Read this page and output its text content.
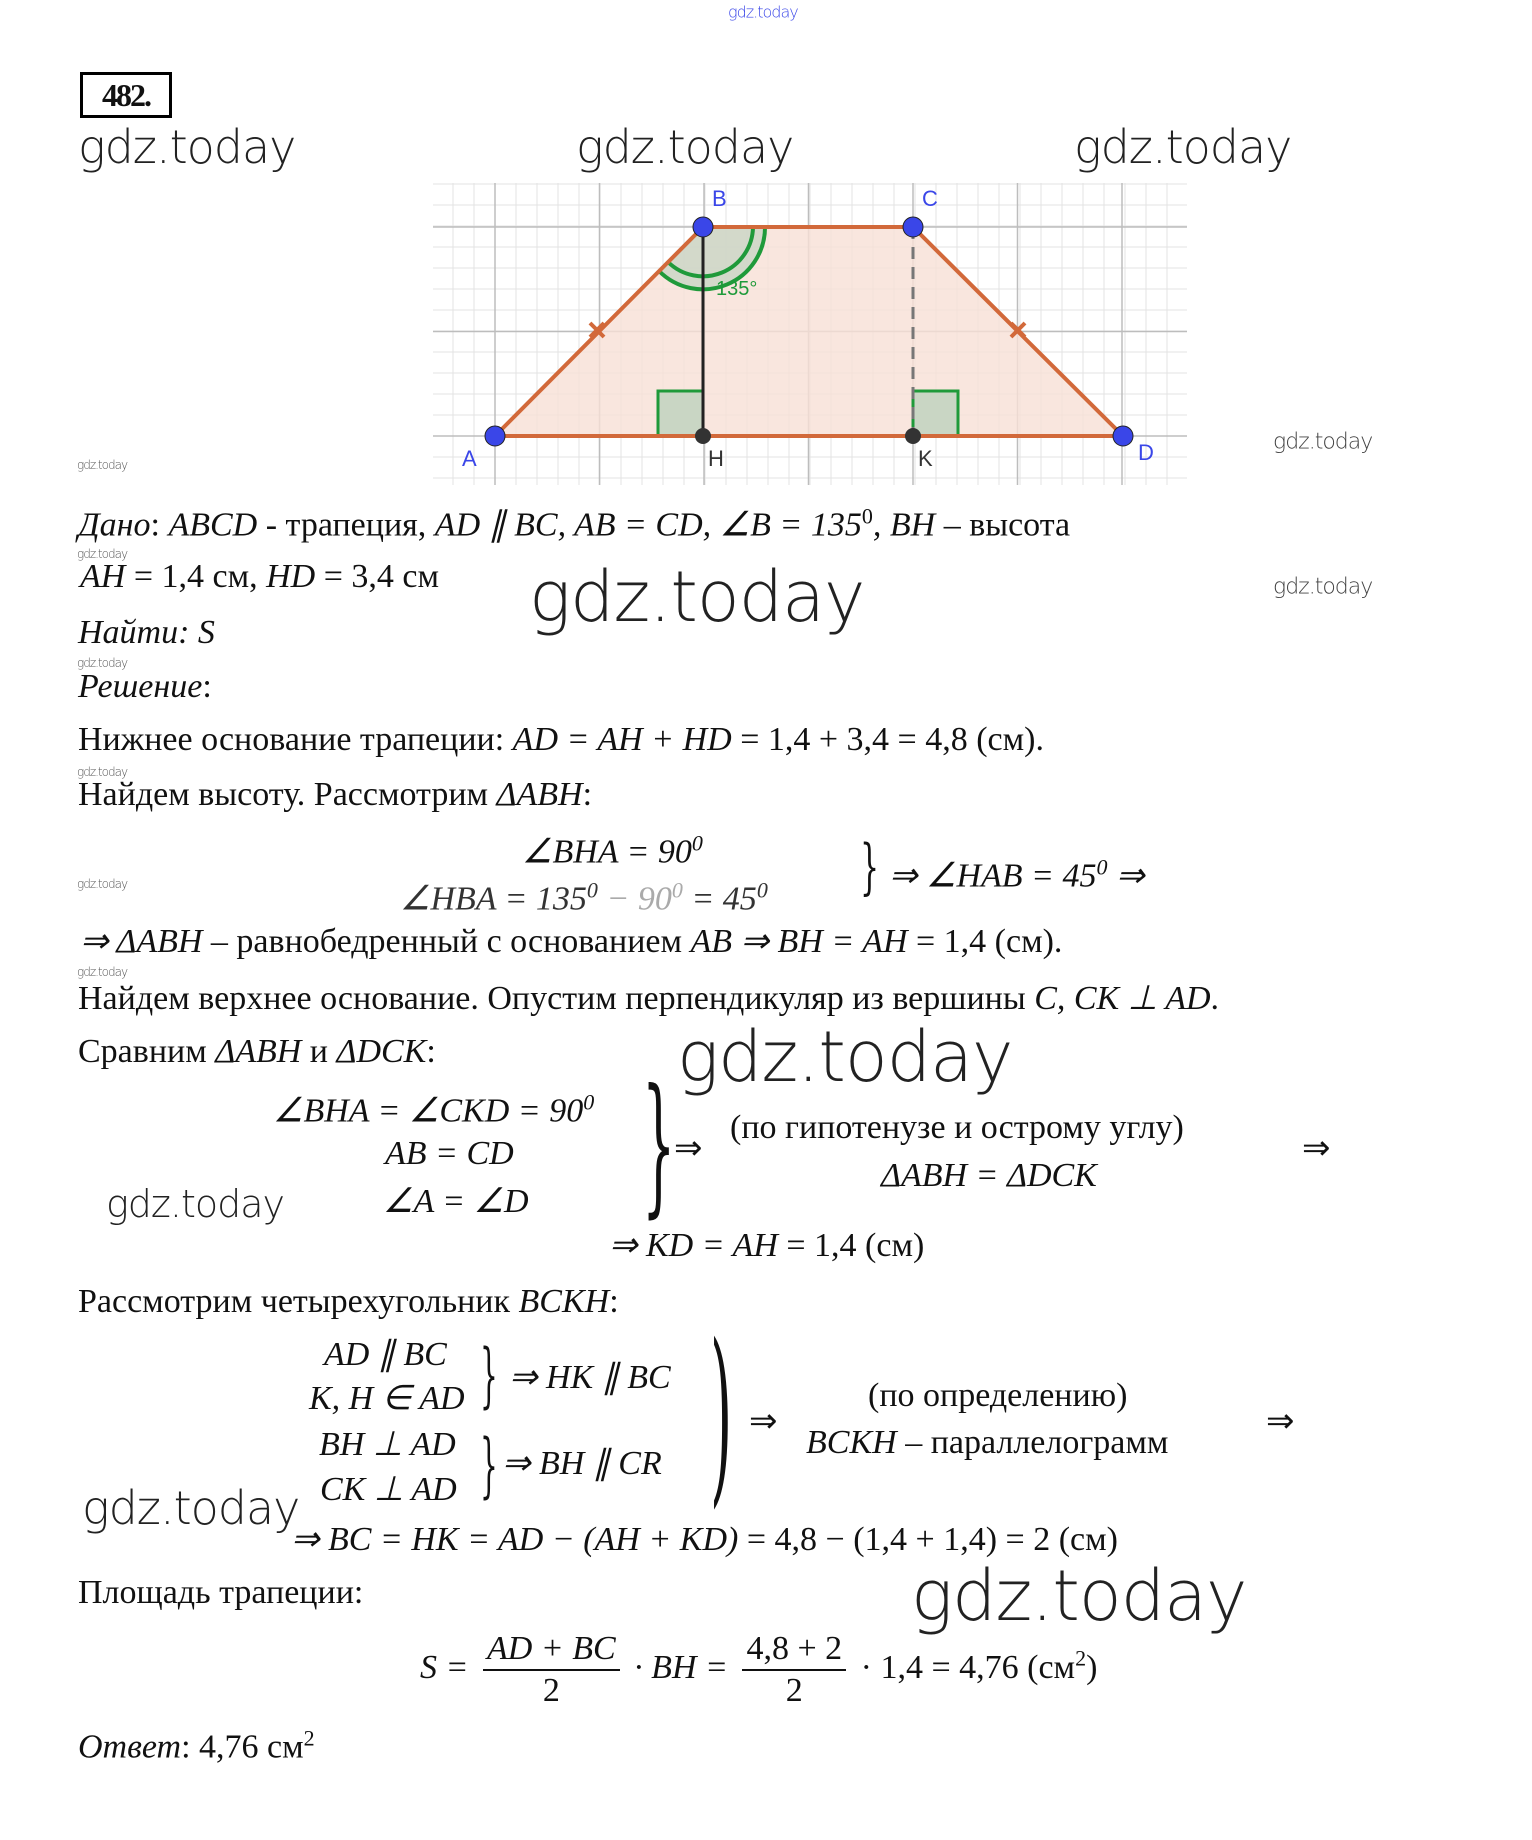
gdz.today
482.
gdz.today	gdz.today	gdz.today
135°
A
B	C
D
H	K
gdz.today
gdz.today
Дано: ABCD - трапеция, AD ∥ BC, AB = CD, ∠B = $135^0$, BH – высота
gdz.today
AH = 1,4 см, HD = 3,4 см gdz.today	gdz.today
Найти: S
gdz.today
Решение:
Нижнее основание трапеции: AD = AH + HD = 1,4 + 3,4 = 4,8 (см).
gdz.today
Найдем высоту. Рассмотрим ΔABH:
∠BHA = $90^0$
∠HBA = $135^0 - 90^0 = 45^0$ } ⇒ ∠HAB = $45^0$ ⇒
gdz.today
⇒ ΔABH – равнобедренный с основанием AB ⇒ BH = AH = 1,4 (см).
gdz.today
Найдем верхнее основание. Опустим перпендикуляр из вершины C, CK ⊥ AD.
Сравним ΔABH и ΔDCK:	gdz.today
∠BHA = ∠CKD = $90^0$
AB = CD
∠A = ∠D
gdz.today }
⇒
(по гипотенузе и острому углу)
ΔABH = ΔDCK
⇒
⇒ KD = AH = 1,4 (см)
Рассмотрим четырехугольник BCKH:
AD ∥ BC
K, H ∈ AD
BH ⊥ AD
CK ⊥ AD
}
}
⇒ HK ∥ BC
⇒ BH ∥ CR ) ⇒
(по определению)
BCKH – параллелограмм
⇒
gdz.today
⇒ BC = HK = AD − (AH + KD) = 4,8 − (1,4 + 1,4) = 2 (см)
Площадь трапеции:	gdz.today
$S = \frac{AD + BC}{2}$ · BH = $\frac{4,8 + 2}{2} \cdot 1,4 = 4,76$ $(см^2)$
Ответ: 4,76 $см^2$
